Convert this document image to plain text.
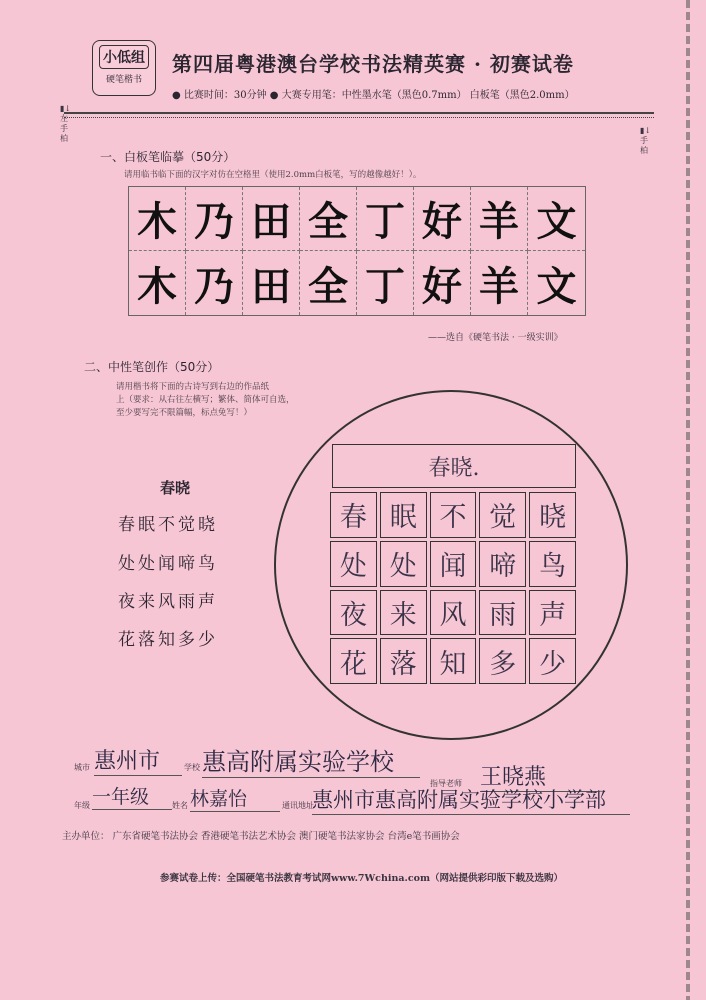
小低组
硬笔楷书
第四届粤港澳台学校书法精英赛 · 初赛试卷
● 比赛时间：30分钟 ● 大赛专用笔：中性墨水笔（黑色0.7mm） 白板笔（黑色2.0mm）
▮↓ 左 手 柏
▮↓ 手 柏
一、白板笔临摹（50分）
请用临书临下面的汉字对仿在空格里（使用2.0mm白板笔，写的越像越好！）。
木 乃 田 全 丁 好 羊 文
木 乃 田 全 丁 好 羊 文
——选自《硬笔书法 · 一级实训》
二、中性笔创作（50分）
请用楷书将下面的古诗写到右边的作品纸
上（要求：从右往左横写；繁体、简体可自选，
至少要写完不限篇幅，标点免写！）
春晓
春眠不觉晓
处处闻啼鸟
夜来风雨声
花落知多少
春晓.
春 眠 不 觉 晓
处 处 闻 啼 鸟
夜 来 风 雨 声
花 落 知 多 少
城市 惠州市	学校 惠高附属实验学校
指导老师 王晓燕
年级 一年级	姓名 林嘉怡	通讯地址
惠州市惠高附属实验学校小学部
主办单位： 广东省硬笔书法协会 香港硬笔书法艺术协会 澳门硬笔书法家协会 台湾e笔书画协会
参赛试卷上传：全国硬笔书法教育考试网www.7Wchina.com（网站提供彩印版下载及选购）
